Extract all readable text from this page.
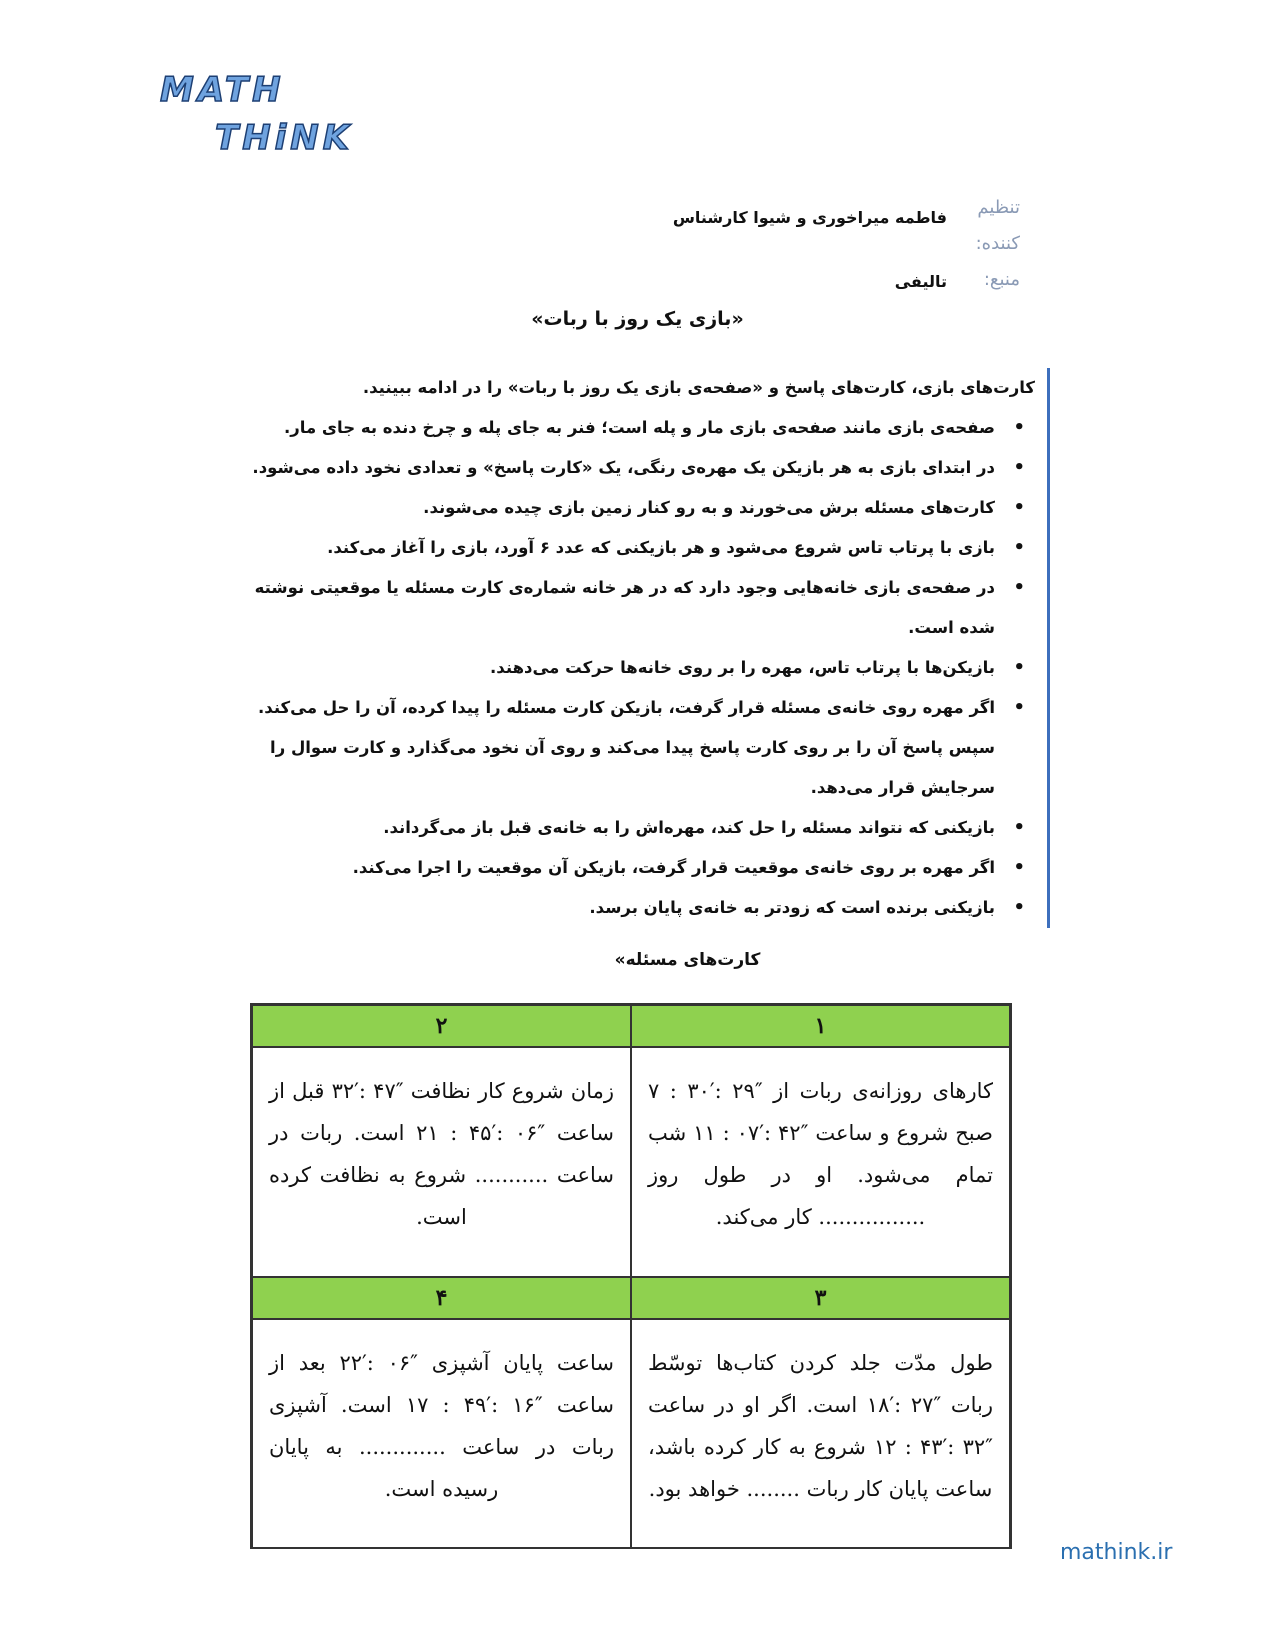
MATH
THiNK
تنظیم کننده:
فاطمه میراخوری و شیوا کارشناس
منبع:
تالیفی
«بازی یک روز با ربات»

کارت‌های بازی، کارت‌های پاسخ و «صفحه‌ی بازی یک روز با ربات» را در ادامه ببینید.

• صفحه‌ی بازی مانند صفحه‌ی بازی مار و پله است؛ فنر به جای پله و چرخ دنده به جای مار.
• در ابتدای بازی به هر بازیکن یک مهره‌ی رنگی، یک «کارت پاسخ» و تعدادی نخود داده می‌شود.
• کارت‌های مسئله برش می‌خورند و به رو کنار زمین بازی چیده می‌شوند.
• بازی با پرتاب تاس شروع می‌شود و هر بازیکنی که عدد ۶ آورد، بازی را آغاز می‌کند.
• در صفحه‌ی بازی خانه‌هایی وجود دارد که در هر خانه شماره‌ی کارت مسئله یا موقعیتی نوشته شده است.
• بازیکن‌ها با پرتاب تاس، مهره را بر روی خانه‌ها حرکت می‌دهند.
• اگر مهره روی خانه‌ی مسئله قرار گرفت، بازیکن کارت مسئله را پیدا کرده، آن را حل می‌کند. سپس پاسخ آن را بر روی کارت پاسخ پیدا می‌کند و روی آن نخود می‌گذارد و کارت سوال را سرجایش قرار می‌دهد.
• بازیکنی که نتواند مسئله را حل کند، مهره‌اش را به خانه‌ی قبل باز می‌گرداند.
• اگر مهره بر روی خانه‌ی موقعیت قرار گرفت، بازیکن آن موقعیت را اجرا می‌کند.
• بازیکنی برنده است که زودتر به خانه‌ی پایان برسد.
کارت‌های مسئله»
۲	۱
زمان شروع کار نظافت ″۴۷ :′۳۲ قبل از ساعت ″۰۶ :′۴۵ : ۲۱ است. ربات در ساعت ........... شروع به نظافت کرده است.
کارهای روزانه‌ی ربات از ″۲۹ :′۳۰ : ۷ صبح شروع و ساعت ″۴۲ :′۰۷ : ۱۱ شب تمام می‌شود. او در طول روز ................ کار می‌کند.
۴	۳
ساعت پایان آشپزی ″۰۶ :′۲۲ بعد از ساعت ″۱۶ :′۴۹ : ۱۷ است. آشپزی ربات در ساعت ............. به پایان رسیده است.
طول مدّت جلد کردن کتاب‌ها توسّط ربات ″۲۷ :′۱۸ است. اگر او در ساعت ″۳۲ :′۴۳ : ۱۲ شروع به کار کرده باشد، ساعت پایان کار ربات ........ خواهد بود.
mathink.ir
